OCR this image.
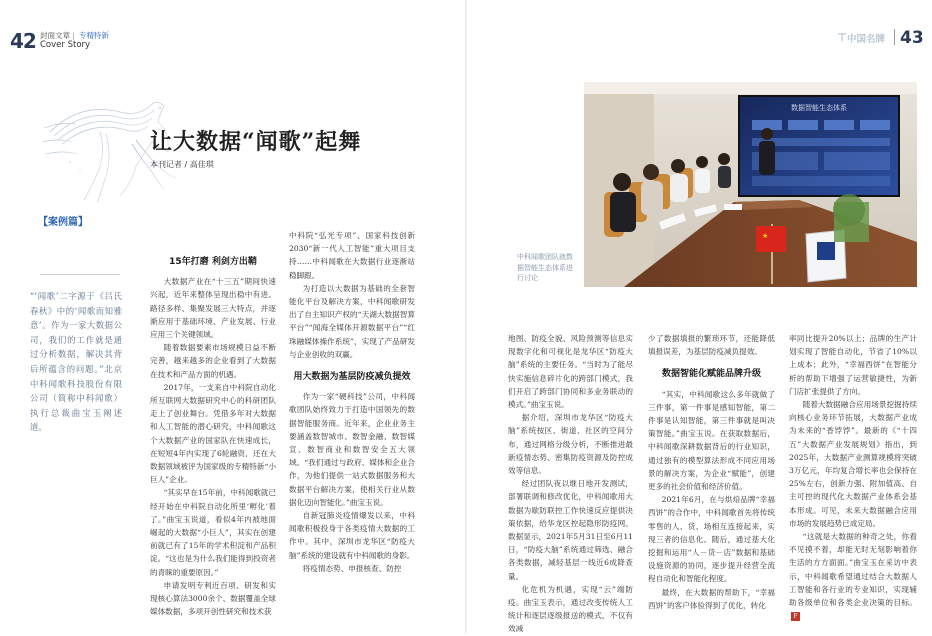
42 封面文章 | 专精特新
Cover Story
让大数据“闻歌”起舞
本刊记者 / 高佳琪
【案例篇】
“‘闻歌’二字源于《吕氏春秋》中的‘闻歌而知雅意’。作为一家大数据公司，我们的工作就是通过分析数据，解决其背后所蕴含的问题。”北京中科闻歌科技股份有限公司（简称中科闻歌）执行总裁曲宝玉阐述道。
15年打磨 利剑方出鞘

大数据产业在“十三五”期间快速兴起，近年来整体呈现出稳中有进、路径多样、集聚发展三大特点，并逐渐应用于基础环境、产业发展、行业应用三个关键领域。

随着数据要素市场规模日益不断完善，越来越多的企业看到了大数据在技术和产品方面的机遇。

2017年，一支来自中科院自动化所互联网大数据研究中心的科研团队走上了创业舞台。凭借多年对大数据和人工智能的潜心研究，中科闻歌这个大数据产业的国家队在快速成长，在短短4年内实现了6轮融资，还在大数据领域被评为国家级的专精特新“小巨人”企业。

“其实早在15年前，中科闻歌就已经开始在中科院自动化所里‘孵化’着了。”曲宝玉说道，看似4年内被地面崛起的大数据“小巨人”，其实在创建前就已有了15年的学术积淀和产品积淀。“这也是为什么我们能得到投资者的青睐的重要原因。”

申请发明专利近百项、研发和实现核心算法3000余个、数据覆盖全球媒体数据，多项开创性研究和技术获

中科院“弘光专项”、国家科技创新2030“新一代人工智能”重大项目支持……中科闻歌在大数据行业逐渐站稳脚跟。

为打造以大数据为基础的全套智能化平台及解决方案，中科闻歌研发出了自主知识产权的“天湖大数据智算平台”“闻海全媒体开源数据平台”“红珠融媒体操作系统”，实现了产品研发与企业创收的双赢。

用大数据为基层防疫减负提效

作为一家“硬科技”公司，中科闻歌团队始终致力于打造中国领先的数据智能服务商。近年来，企业业务主要涵盖数智城市、数智金融、数智媒宣、数智商业和数智安全五大领域。“我们通过与政府、媒体和企业合作，为他们提供一站式数据服务和大数据平台解决方案，使相关行业从数据化迈向智能化。”曲宝玉说。

自新冠肺炎疫情爆发以来，中科闻歌积极投身于各类疫情大数据的工作中。其中，深圳市龙华区“防疫大脑”系统的建设就有中科闻歌的身影。

将疫情态势、申报核查、防控

⊤ 中国名牌 43
数据智能生态体系
★
中科闻歌团队就数据智能生态体系进行讨论

地图、防疫全貌、风险预测等信息实现数字化和可视化是龙华区“防疫大脑”系统的主要任务。“当时为了能尽快实施信息碎片化的跨部门模式，我们开启了跨部门协同和多业务联动的模式。”曲宝玉说。

据介绍，深圳市龙华区“防疫大脑”系统按区、街道、社区的空间分布，通过网格分级分析，不断推进最新疫情态势、密集防疫资源及防控成效等信息。

经过团队夜以继日地开发测试，部署联调和修改优化，中科闻歌用大数据为歇防联控工作快速反应提供决策依据，给华龙区控起隐形防疫网。数据显示，2021年5月31日至6月11日，“防疫大脑”系统通过筛选、融合各类数据，减轻基层一线近6成降查量。

化危机为机遇，实现“云”端防疫。曲宝玉表示，通过改变传统人工统计和逐层逐级报送的模式，不仅有效减

少了数据填报的繁琐环节，还能降低填报误差，为基层防疫减负提效。

数据智能化赋能品牌升级

“其实，中科闻歌这么多年就做了三件事，第一件事是感知智能，第二件事是认知智能，第三件事就是叫决策智能。”曲宝玉说。在获取数据后，中科闻歌深耕数据背后的行业知识，通过独有的模型算法形成不同应用场景的解决方案，为企业“赋能”，创建更多的社会价值和经济价值。

2021年6月，在与烘焙品牌“幸福西饼”的合作中，中科闻歌首先将传统零售的人、货、场相互连接起来，实现三者的信息化。随后，通过基大化挖掘和运用“人－货－店”数据和基础设施资源的协同，逐步提升经营全流程自动化和智能化程度。

最终，在大数据的帮助下，“幸福西饼”的客户体验得到了优化，转化

率同比提升20%以上；品牌的生产计划实现了智能自动化，节省了10%以上成本；此外，“幸福西饼”在智能分析的帮助下增强了运营敏捷性，为新门店扩张提供了方向。

随着大数据融合应用场景挖掘持续向核心业务环节拓展，大数据产业成为未来的“香饽饽”。最新的《“十四五”大数据产业发展规划》指出，到2025年，大数据产业测算规模将突破3万亿元，年均复合增长率也会保持在25%左右，创新力强、附加值高、自主可控的现代化大数据产业体系会基本形成。可见，未来大数据融合应用市场的发展趋势已成定局。

“这就是大数据的种奇之处，你看不见摸不着，却能无时无刻影响着你生活的方方面面。”曲宝玉在采访中表示，中科闻歌希望通过结合大数据人工智能和各行业的专业知识，实现辅助各级单位和各类企业决策的目标。F
